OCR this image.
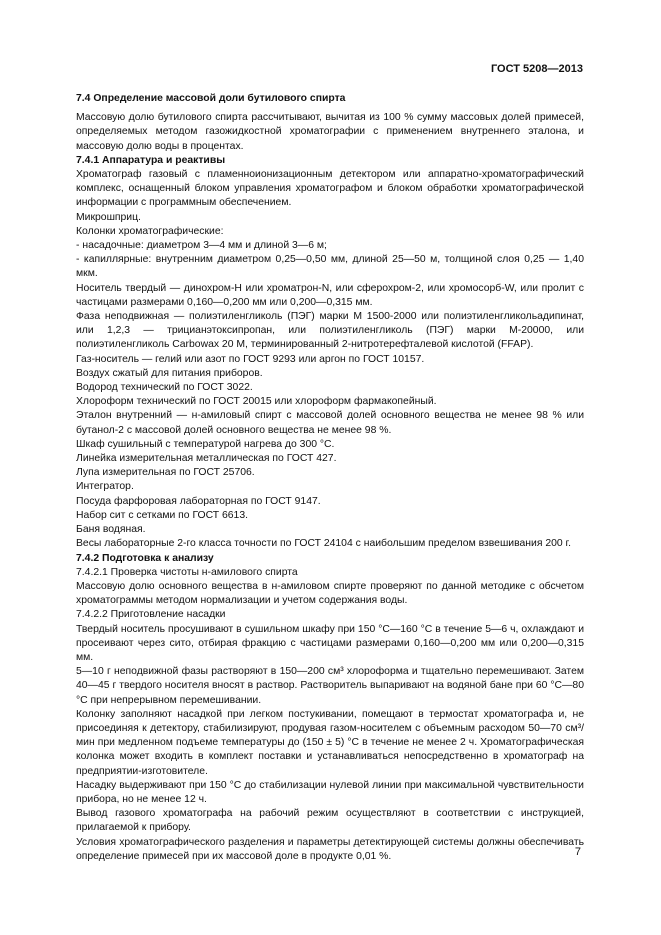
ГОСТ 5208—2013

7.4 Определение массовой доли бутилового спирта

Массовую долю бутилового спирта рассчитывают, вычитая из 100 % сумму массовых долей примесей, определяемых методом газожидкостной хроматографии с применением внутреннего эталона, и массовую долю воды в процентах.

7.4.1 Аппаратура и реактивы

Хроматограф газовый с пламенноионизационным детектором или аппаратно-хроматографический комплекс, оснащенный блоком управления хроматографом и блоком обработки хроматографической информации с программным обеспечением.

Микрошприц.

Колонки хроматографические:

- насадочные: диаметром 3—4 мм и длиной 3—6 м;

- капиллярные: внутренним диаметром 0,25—0,50 мм, длиной 25—50 м, толщиной слоя 0,25 — 1,40 мкм.

Носитель твердый — динохром-Н или хроматрон-N, или сферохром-2, или хромосорб-W, или пролит с частицами размерами 0,160—0,200 мм или 0,200—0,315 мм.

Фаза неподвижная — полиэтиленгликоль (ПЭГ) марки М 1500-2000 или полиэтиленгликольадипинат, или 1,2,3 — трицианэтоксипропан, или полиэтиленгликоль (ПЭГ) марки М-20000, или полиэтиленгликоль Carbowax 20 М, терминированный 2-нитротерефталевой кислотой (FFAP).

Газ-носитель — гелий или азот по ГОСТ 9293 или аргон по ГОСТ 10157.

Воздух сжатый для питания приборов.

Водород технический по ГОСТ 3022.

Хлороформ технический по ГОСТ 20015 или хлороформ фармакопейный.

Эталон внутренний — н-амиловый спирт с массовой долей основного вещества не менее 98 % или бутанол-2 с массовой долей основного вещества не менее 98 %.

Шкаф сушильный с температурой нагрева до 300 °С.

Линейка измерительная металлическая по ГОСТ 427.

Лупа измерительная по ГОСТ 25706.

Интегратор.

Посуда фарфоровая лабораторная по ГОСТ 9147.

Набор сит с сетками по ГОСТ 6613.

Баня водяная.

Весы лабораторные 2-го класса точности по ГОСТ 24104 с наибольшим пределом взвешивания 200 г.

7.4.2 Подготовка к анализу

7.4.2.1 Проверка чистоты н-амилового спирта

Массовую долю основного вещества в н-амиловом спирте проверяют по данной методике с обсчетом хроматограммы методом нормализации и учетом содержания воды.

7.4.2.2 Приготовление насадки

Твердый носитель просушивают в сушильном шкафу при 150 °С—160 °С в течение 5—6 ч, охлаждают и просеивают через сито, отбирая фракцию с частицами размерами 0,160—0,200 мм или 0,200—0,315 мм.

5—10 г неподвижной фазы растворяют в 150—200 см³ хлороформа и тщательно перемешивают. Затем 40—45 г твердого носителя вносят в раствор. Растворитель выпаривают на водяной бане при 60 °С—80 °С при непрерывном перемешивании.

Колонку заполняют насадкой при легком постукивании, помещают в термостат хроматографа и, не присоединяя к детектору, стабилизируют, продувая газом-носителем с объемным расходом 50—70 см³/мин при медленном подъеме температуры до (150 ± 5) °С в течение не менее 2 ч. Хроматографическая колонка может входить в комплект поставки и устанавливаться непосредственно в хроматограф на предприятии-изготовителе.

Насадку выдерживают при 150 °С до стабилизации нулевой линии при максимальной чувствительности прибора, но не менее 12 ч.

Вывод газового хроматографа на рабочий режим осуществляют в соответствии с инструкцией, прилагаемой к прибору.

Условия хроматографического разделения и параметры детектирующей системы должны обеспечивать определение примесей при их массовой доле в продукте 0,01 %.	7
